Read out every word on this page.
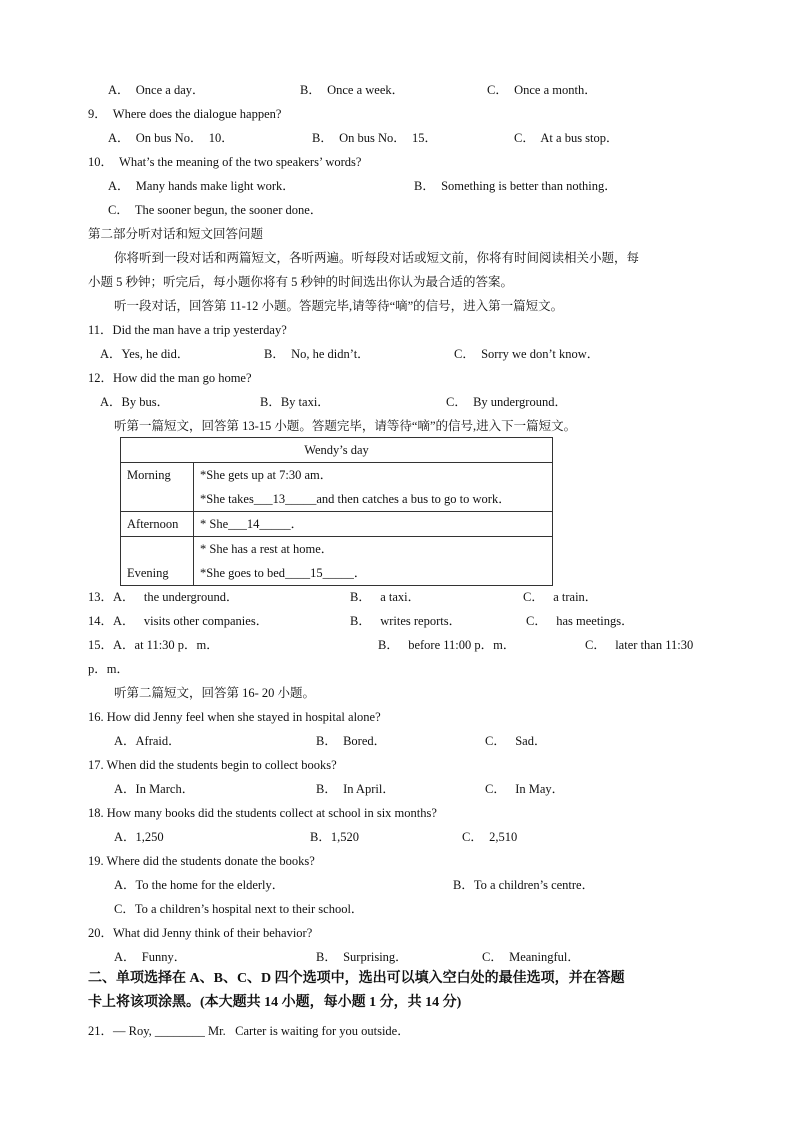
A．  Once a day．	B．  Once a week．	C．  Once a month．
9．  Where does the dialogue happen?
A．  On bus No．  10．	B．  On bus No．  15．	C．  At a bus stop．
10．  What’s the meaning of the two speakers’ words?
A．  Many hands make light work．	B．  Something is better than nothing．
C．  The sooner begun, the sooner done．
第二部分听对话和短文回答问题
你将听到一段对话和两篇短文，各听两遍。听每段对话或短文前，你将有时间阅读相关小题，每
小题 5 秒钟；听完后，每小题你将有 5 秒钟的时间选出你认为最合适的答案。
听一段对话，回答第 11-12 小题。答题完毕,请等待“嘀”的信号，进入第一篇短文。
11．Did the man have a trip yesterday?
A．Yes, he did．	B．  No, he didn’t．	C．  Sorry we don’t know．
12．How did the man go home?
A．By bus．	B．By taxi．	C．  By underground．
听第一篇短文，回答第 13-15 小题。答题完毕，请等待“嘀”的信号,进入下一篇短文。
13．A．   the underground．	B．   a taxi．	C．   a train．
14．A．   visits other companies．	B．   writes reports．	C．   has meetings．
15．A．at 11:30 p．m．	B．   before 11:00 p．m．	C．   later than 11:30
p．m．
听第二篇短文，回答第 16- 20 小题。
16. How did Jenny feel when she stayed in hospital alone?
A．Afraid．	B．  Bored．	C．   Sad．
17. When did the students begin to collect books?
A．In March．	B．  In April．	C．   In May．
18. How many books did the students collect at school in six months?
A．1,250	B．1,520	C．  2,510
19. Where did the students donate the books?
A．To the home for the elderly．	B．To a children’s centre．
C．To a children’s hospital next to their school．
20．What did Jenny think of their behavior?
A．  Funny．	B．  Surprising．	C．  Meaningful．
21．— Roy, ________ Mr.   Carter is waiting for you outside．
二、单项选择在 A、B、C、D 四个选项中，选出可以填入空白处的最佳选项，并在答题
卡上将该项涂黑。(本大题共 14 小题，每小题 1 分，共 14 分)
Wendy’s day	
Morning	*She gets up at 7:30 am．
*She takes___13_____and then catches a bus to go to work．

Afternoon	* She___14_____．
Evening	* She has a rest at home．
*She goes to bed____15_____．
